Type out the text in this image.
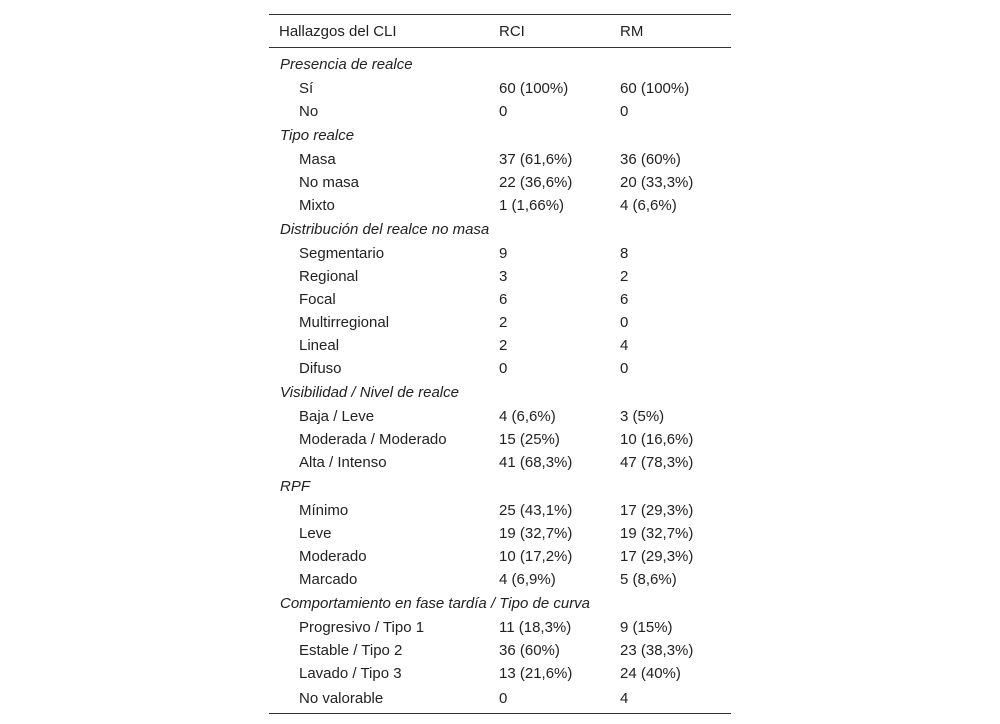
Hallazgos del CLI	RCI	RM
Presencia de realce		
Sí	60 (100%)	60 (100%)
No	0	0
Tipo realce		
Masa	37 (61,6%)	36 (60%)
No masa	22 (36,6%)	20 (33,3%)
Mixto	1 (1,66%)	4 (6,6%)
Distribución del realce no masa		
Segmentario	9	8
Regional	3	2
Focal	6	6
Multirregional	2	0
Lineal	2	4
Difuso	0	0
Visibilidad / Nivel de realce		
Baja / Leve	4 (6,6%)	3 (5%)
Moderada / Moderado	15 (25%)	10 (16,6%)
Alta / Intenso	41 (68,3%)	47 (78,3%)
RPF		
Mínimo	25 (43,1%)	17 (29,3%)
Leve	19 (32,7%)	19 (32,7%)
Moderado	10 (17,2%)	17 (29,3%)
Marcado	4 (6,9%)	5 (8,6%)
Comportamiento en fase tardía / Tipo de curva		
Progresivo / Tipo 1	11 (18,3%)	9 (15%)
Estable / Tipo 2	36 (60%)	23 (38,3%)
Lavado / Tipo 3	13 (21,6%)	24 (40%)
No valorable	0	4
